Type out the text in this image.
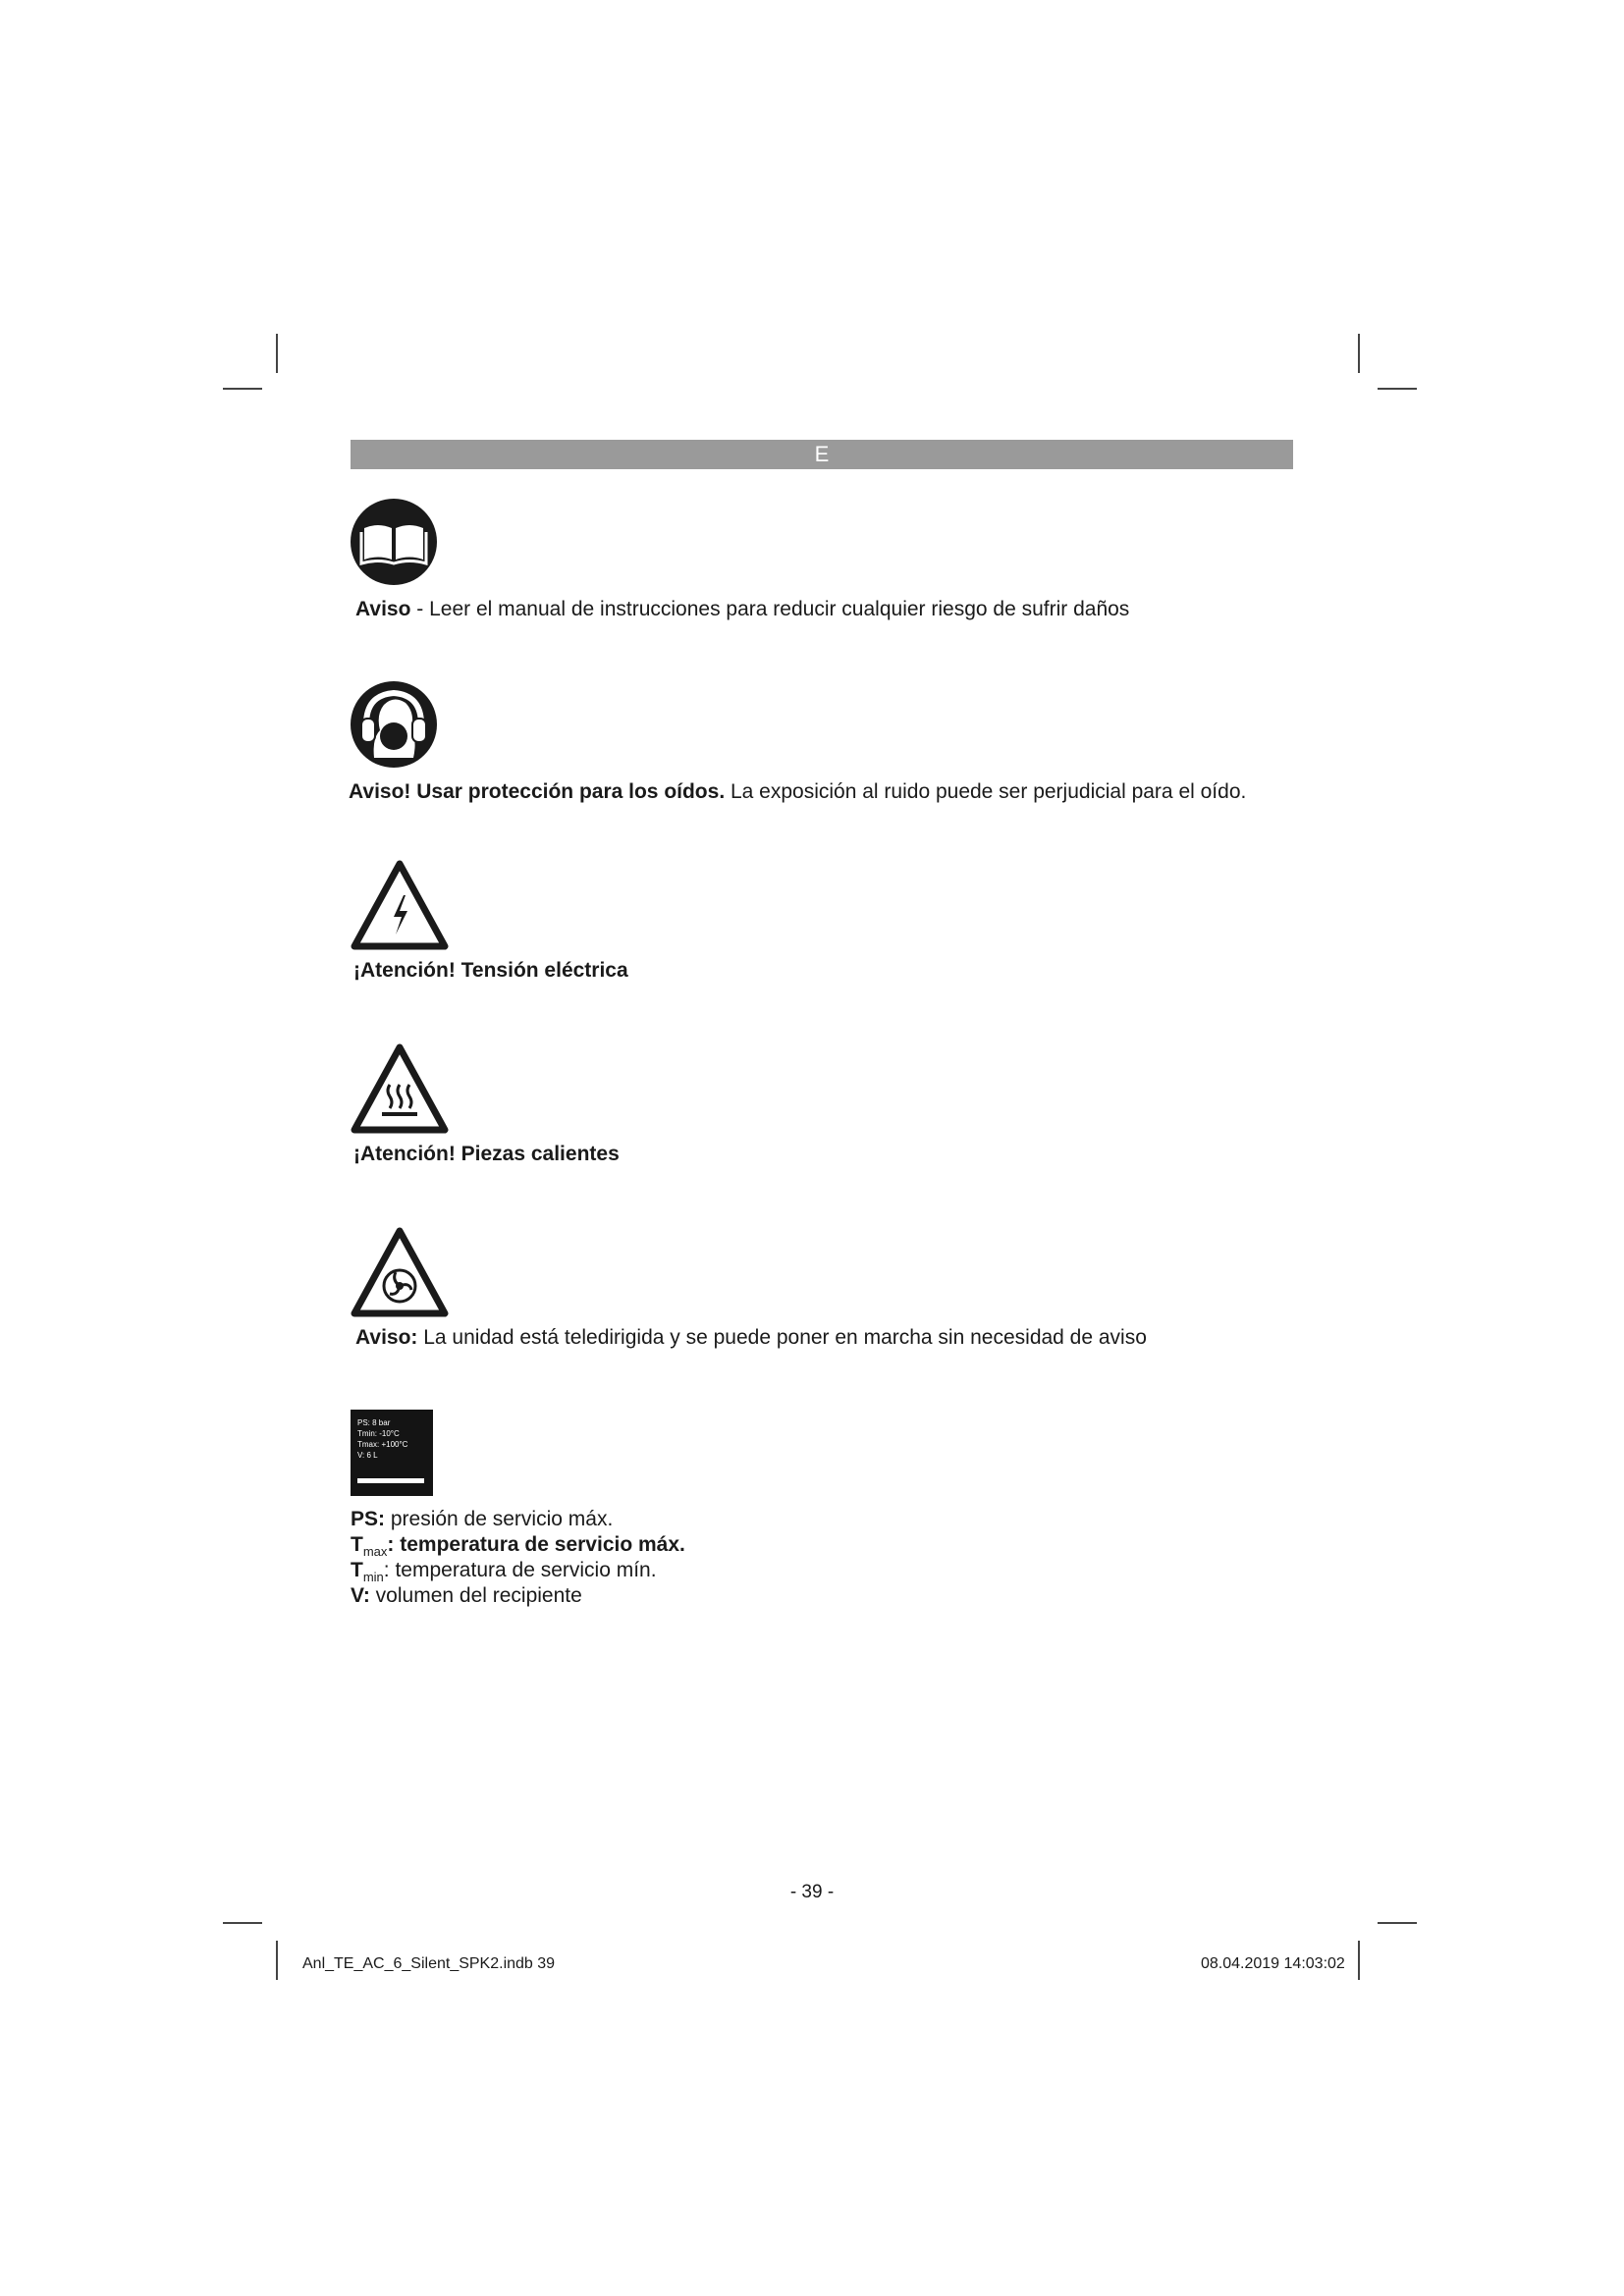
E
Aviso - Leer el manual de instrucciones para reducir cualquier riesgo de sufrir daños
Aviso! Usar protección para los oídos. La exposición al ruido puede ser perjudicial para el oído.
¡Atención! Tensión eléctrica
¡Atención! Piezas calientes
Aviso: La unidad está teledirigida y se puede poner en marcha sin necesidad de aviso
PS: 8 bar
Tmin: -10°C
Tmax: +100°C
V: 6 L
PS: presión de servicio máx.
$T_{max}$: temperatura de servicio máx.
$T_{min}$: temperatura de servicio mín.
V: volumen del recipiente
- 39 -
Anl_TE_AC_6_Silent_SPK2.indb 39	08.04.2019 14:03:02
